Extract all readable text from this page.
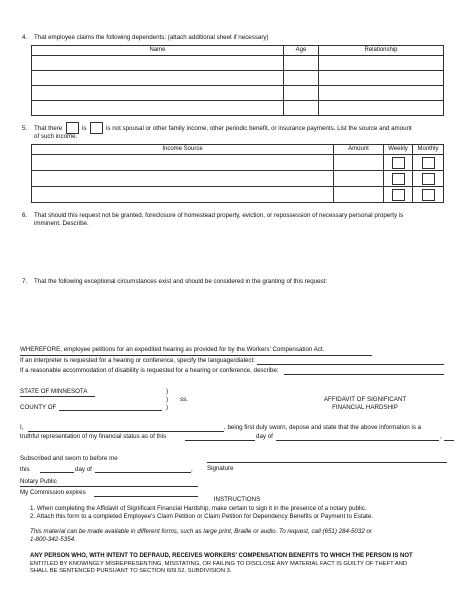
4. That employee claims the following dependents: (attach additional sheet if necessary)
Name	Age	Relationship
5. That there	is	is not spousal or other family income, other periodic benefit, or insurance payments. List the source and amount
of such income.
Income Source	Amount	Weekly	Monthly
6. That should this request not be granted, foreclosure of homestead property, eviction, or repossession of necessary personal property is
imminent. Describe.
7. That the following exceptional circumstances exist and should be considered in the granting of this request:
WHEREFORE, employee petitions for an expedited hearing as provided for by the Workers' Compensation Act.
If an interpreter is requested for a hearing or conference, specify the language/dialect:
If a reasonable accommodation of disability is requested for a hearing or conference, describe:
STATE OF MINNESOTA	)
)
)
ss.
COUNTY OF
AFFIDAVIT OF SIGNIFICANT
FINANCIAL HARDSHIP
I,	, being first duly sworn, depose and state that the above information is a
truthful representation of my financial status as of this	day of	,
Subscribed and sworn to before me
this	day of	, Signature
Notary Public
My Commission expires
INSTRUCTIONS
1. When completing the Affidavit of Significant Financial Hardship, make certain to sign it in the presence of a notary public.
2. Attach this form to a completed Employee's Claim Petition or Claim Petition for Dependency Benefits or Payment to Estate.
This material can be made available in different forms, such as large print, Braille or audio. To request, call (651) 284-5032 or
1-800-342-5354.
ANY PERSON WHO, WITH INTENT TO DEFRAUD, RECEIVES WORKERS' COMPENSATION BENEFITS TO WHICH THE PERSON IS NOT
ENTITLED BY KNOWINGLY MISREPRESENTING, MISSTATING, OR FAILING TO DISCLOSE ANY MATERIAL FACT IS GUILTY OF THEFT AND
SHALL BE SENTENCED PURSUANT TO SECTION 609.52, SUBDIVISION 3.
